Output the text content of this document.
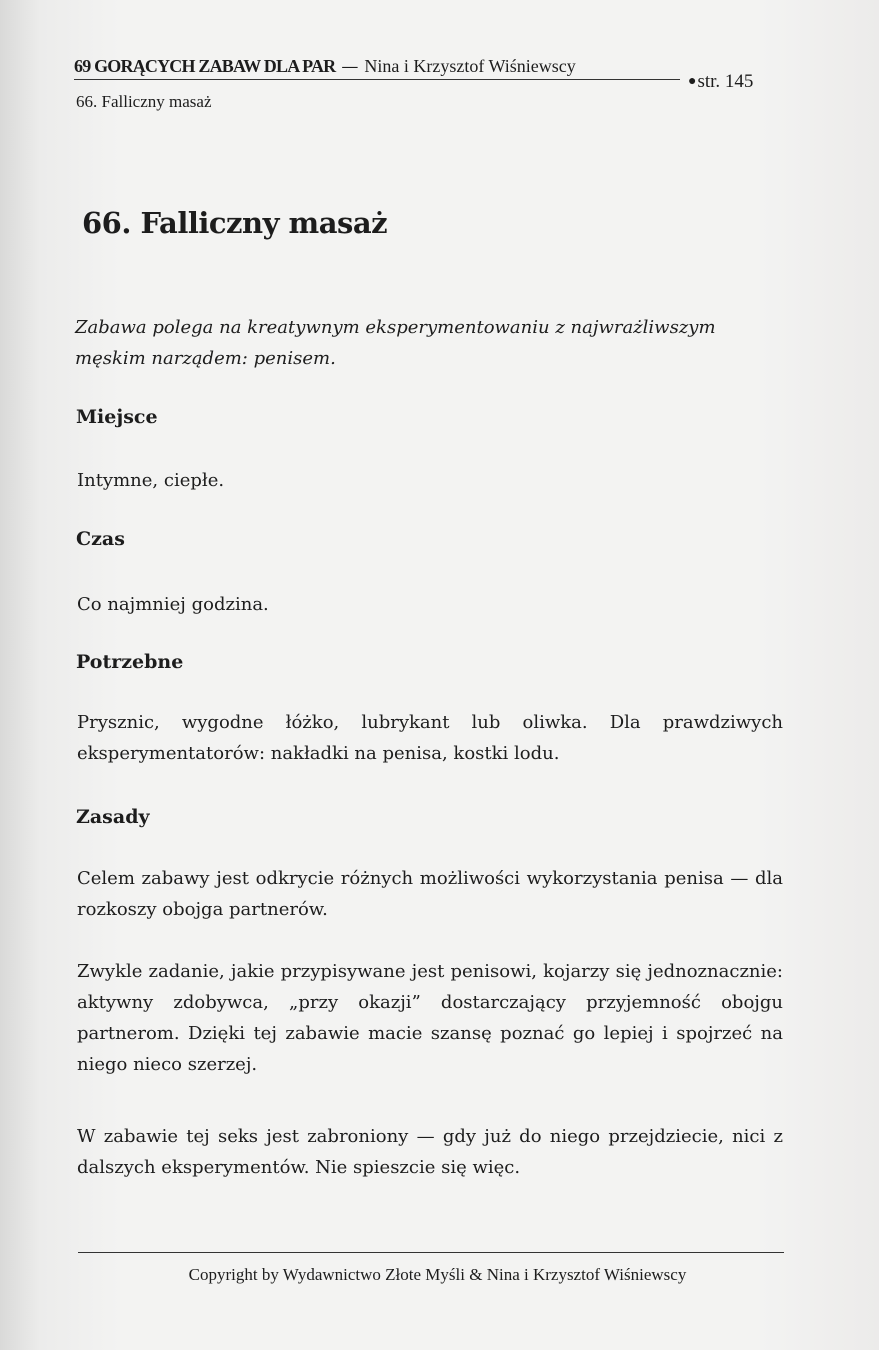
69 GORĄCYCH ZABAW DLA PAR — Nina i Krzysztof Wiśniewscy
●str. 145
66. Falliczny masaż
66. Falliczny masaż

Zabawa polega na kreatywnym eksperymentowaniu z najwrażliwszym męskim narządem: penisem.

Miejsce

Intymne, ciepłe.

Czas

Co najmniej godzina.

Potrzebne

Prysznic, wygodne łóżko, lubrykant lub oliwka. Dla prawdziwych eksperymentatorów: nakładki na penisa, kostki lodu.

Zasady

Celem zabawy jest odkrycie różnych możliwości wykorzystania penisa — dla rozkoszy obojga partnerów.

Zwykle zadanie, jakie przypisywane jest penisowi, kojarzy się jednoznacznie: aktywny zdobywca, „przy okazji” dostarczający przyjemność obojgu partnerom. Dzięki tej zabawie macie szansę poznać go lepiej i spojrzeć na niego nieco szerzej.

W zabawie tej seks jest zabroniony — gdy już do niego przejdziecie, nici z dalszych eksperymentów. Nie spieszcie się więc.

Copyright by Wydawnictwo Złote Myśli & Nina i Krzysztof Wiśniewscy
